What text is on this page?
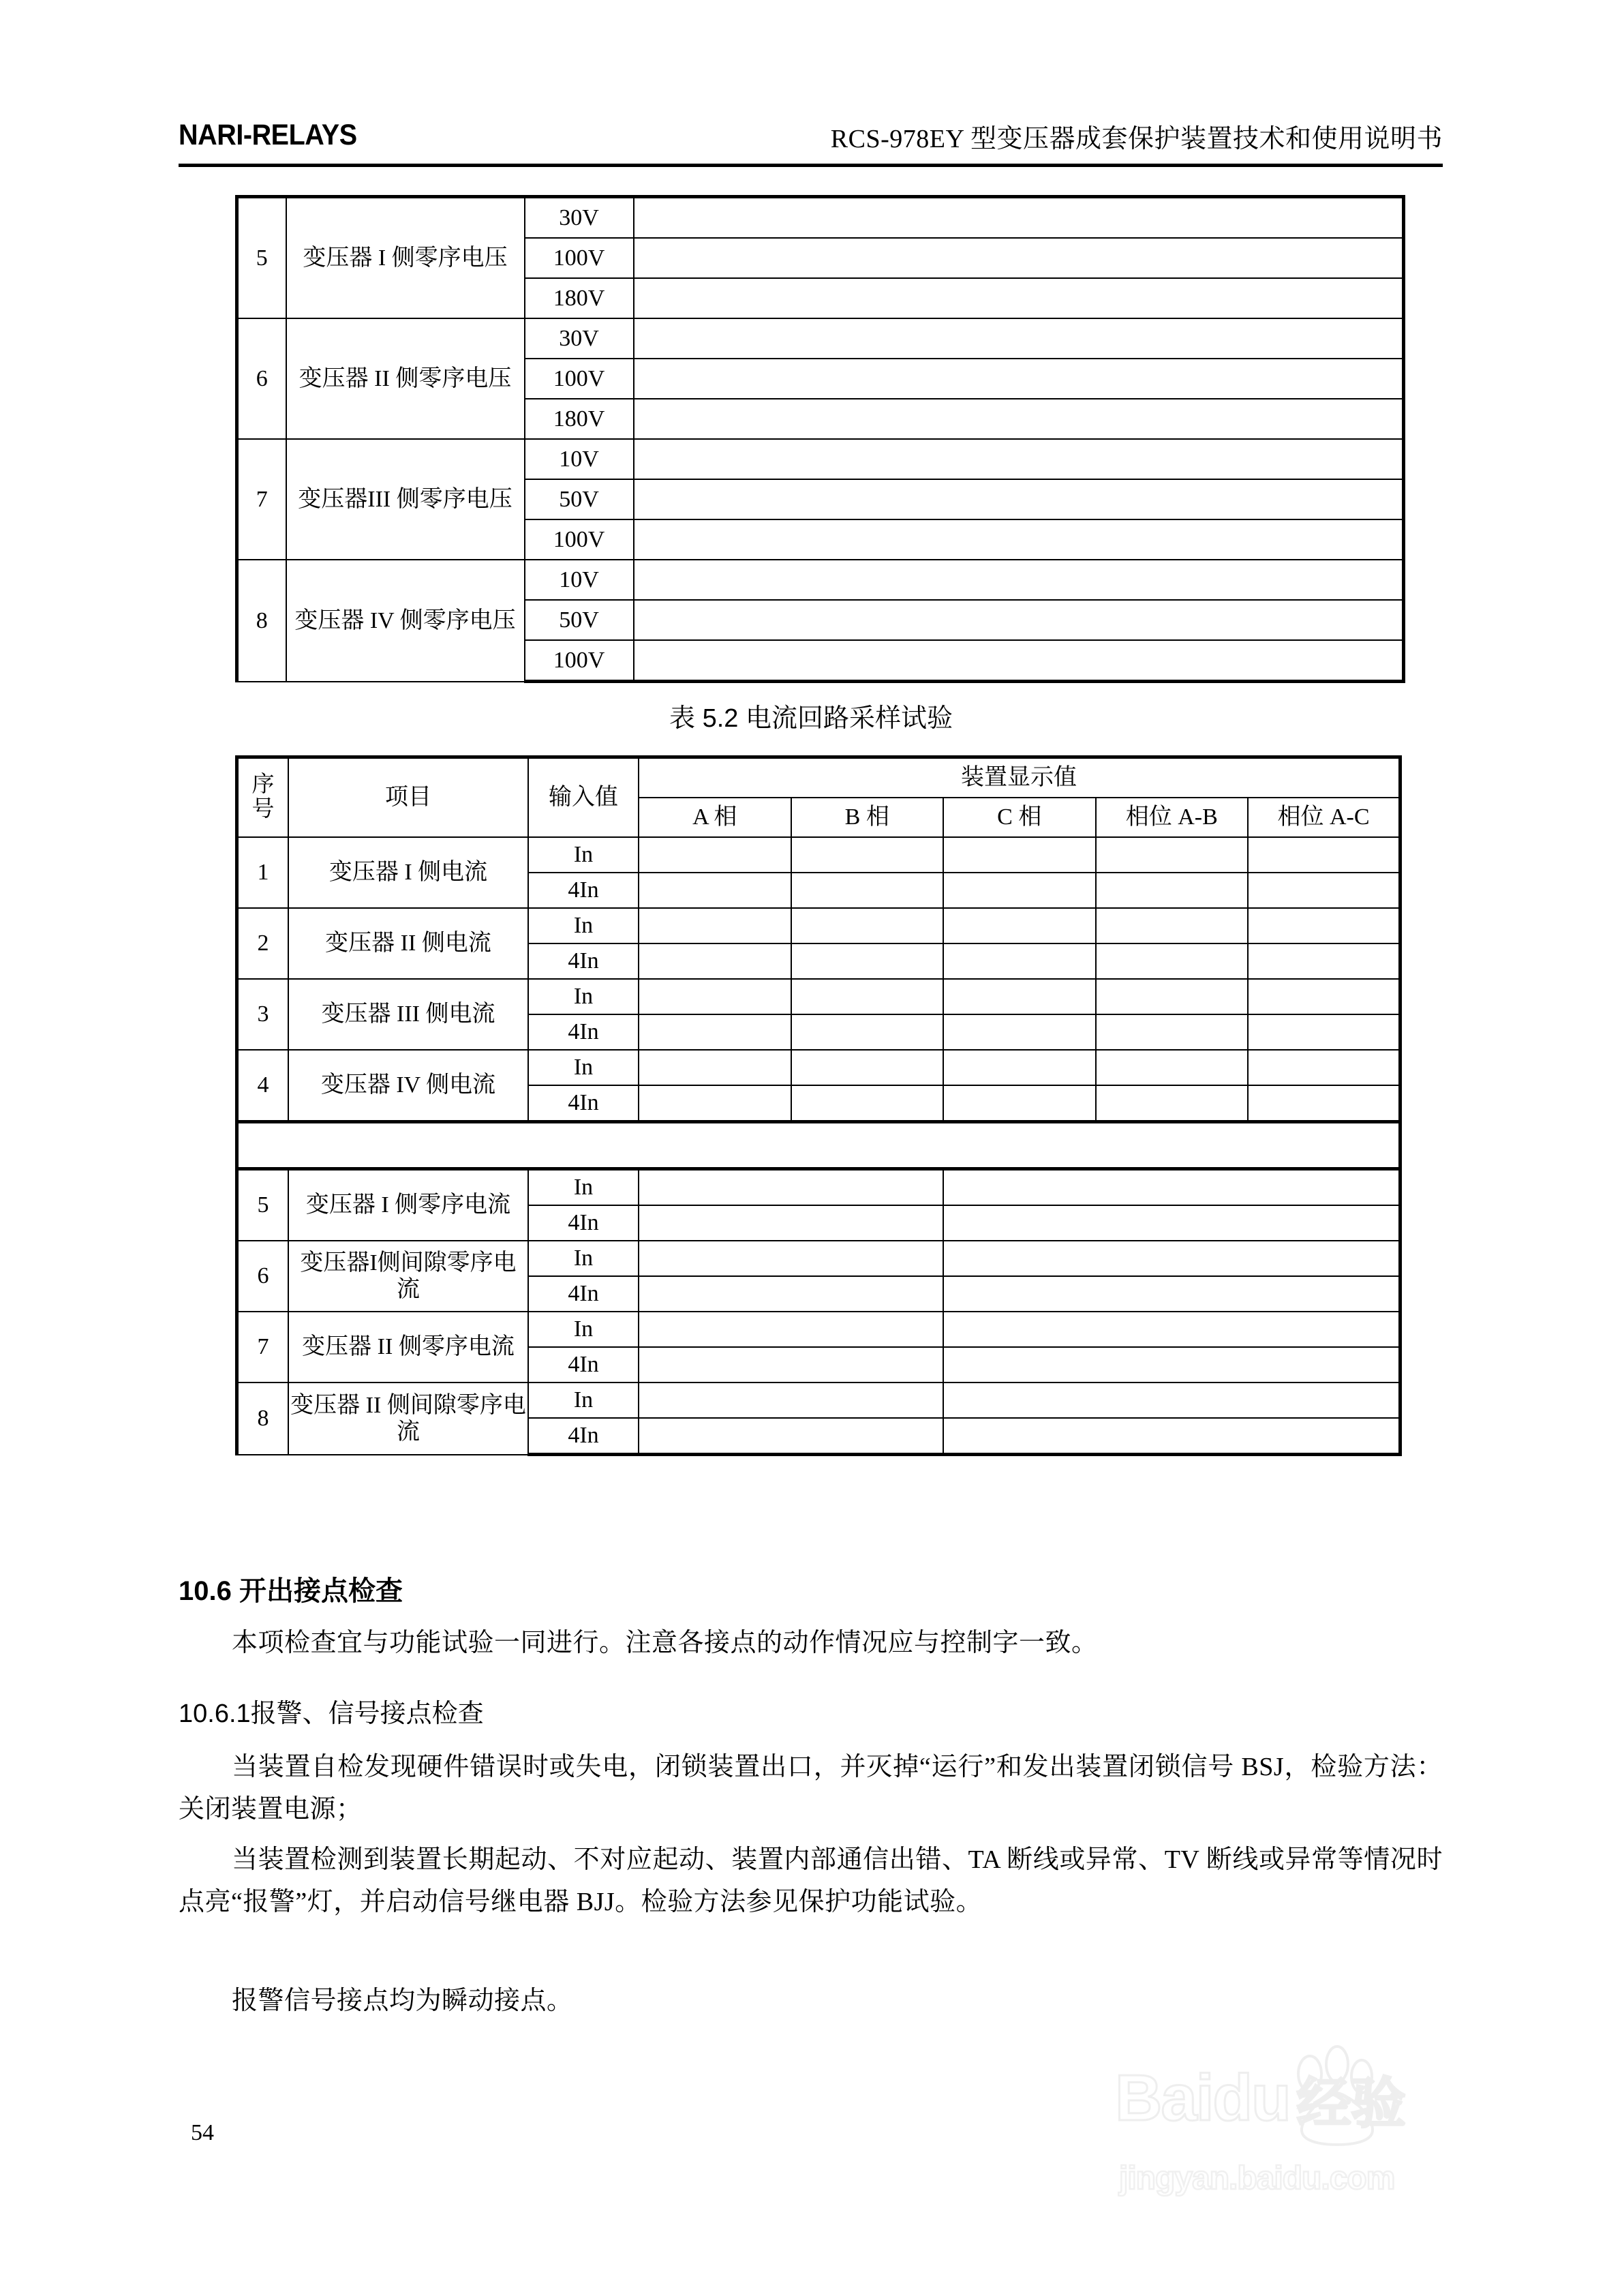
NARI-RELAYS	RCS-978EY 型变压器成套保护装置技术和使用说明书
5	变压器 I 侧零序电压	30V	
		100V	
		180V	
6	变压器 II 侧零序电压	30V	
		100V	
		180V	
7	变压器III 侧零序电压	10V	
		50V	
		100V	
8	变压器 IV 侧零序电压	10V	
		50V	
		100V	
表 5.2 电流回路采样试验
序
号	项目	输入值	装置显示值				
			A 相	B 相	C 相	相位 A-B	相位 A-C
1	变压器 I 侧电流	In					
		4In					
2	变压器 II 侧电流	In					
		4In					
3	变压器 III 侧电流	In					
		4In					
4	变压器 IV 侧电流	In					
		4In					

5	变压器 I 侧零序电流	In					
		4In					
6	变压器I侧间隙零序电流	In					
		4In					
7	变压器 II 侧零序电流	In					
		4In					
8	变压器 II 侧间隙零序电流	In					
		4In					
10.6 开出接点检查
本项检查宜与功能试验一同进行。注意各接点的动作情况应与控制字一致。
10.6.1报警、信号接点检查
当装置自检发现硬件错误时或失电，闭锁装置出口，并灭掉“运行”和发出装置闭锁信号 BSJ，检验方法：关闭装置电源；
当装置检测到装置长期起动、不对应起动、装置内部通信出错、TA 断线或异常、TV 断线或异常等情况时点亮“报警”灯，并启动信号继电器 BJJ。检验方法参见保护功能试验。
报警信号接点均为瞬动接点。
54	Baidu 经验
jingyan.baidu.com
